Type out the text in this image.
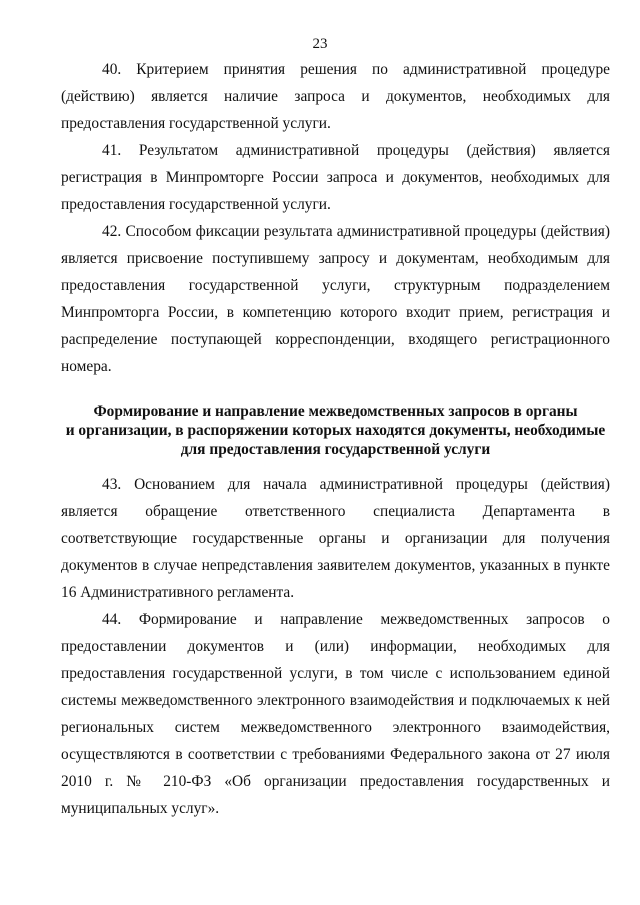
23

40. Критерием принятия решения по административной процедуре (действию) является наличие запроса и документов, необходимых для предоставления государственной услуги.

41. Результатом административной процедуры (действия) является регистрация в Минпромторге России запроса и документов, необходимых для предоставления государственной услуги.

42. Способом фиксации результата административной процедуры (действия) является присвоение поступившему запросу и документам, необходимым для предоставления государственной услуги, структурным подразделением Минпромторга России, в компетенцию которого входит прием, регистрация и распределение поступающей корреспонденции, входящего регистрационного номера.

Формирование и направление межведомственных запросов в органы
и организации, в распоряжении которых находятся документы, необходимые
для предоставления государственной услуги

43. Основанием для начала административной процедуры (действия) является обращение ответственного специалиста Департамента в соответствующие государственные органы и организации для получения документов в случае непредставления заявителем документов, указанных в пункте 16 Административного регламента.

44. Формирование и направление межведомственных запросов о предоставлении документов и (или) информации, необходимых для предоставления государственной услуги, в том числе с использованием единой системы межведомственного электронного взаимодействия и подключаемых к ней региональных систем межведомственного электронного взаимодействия, осуществляются в соответствии с требованиями Федерального закона от 27 июля 2010 г. № 210-ФЗ «Об организации предоставления государственных и муниципальных услуг».
